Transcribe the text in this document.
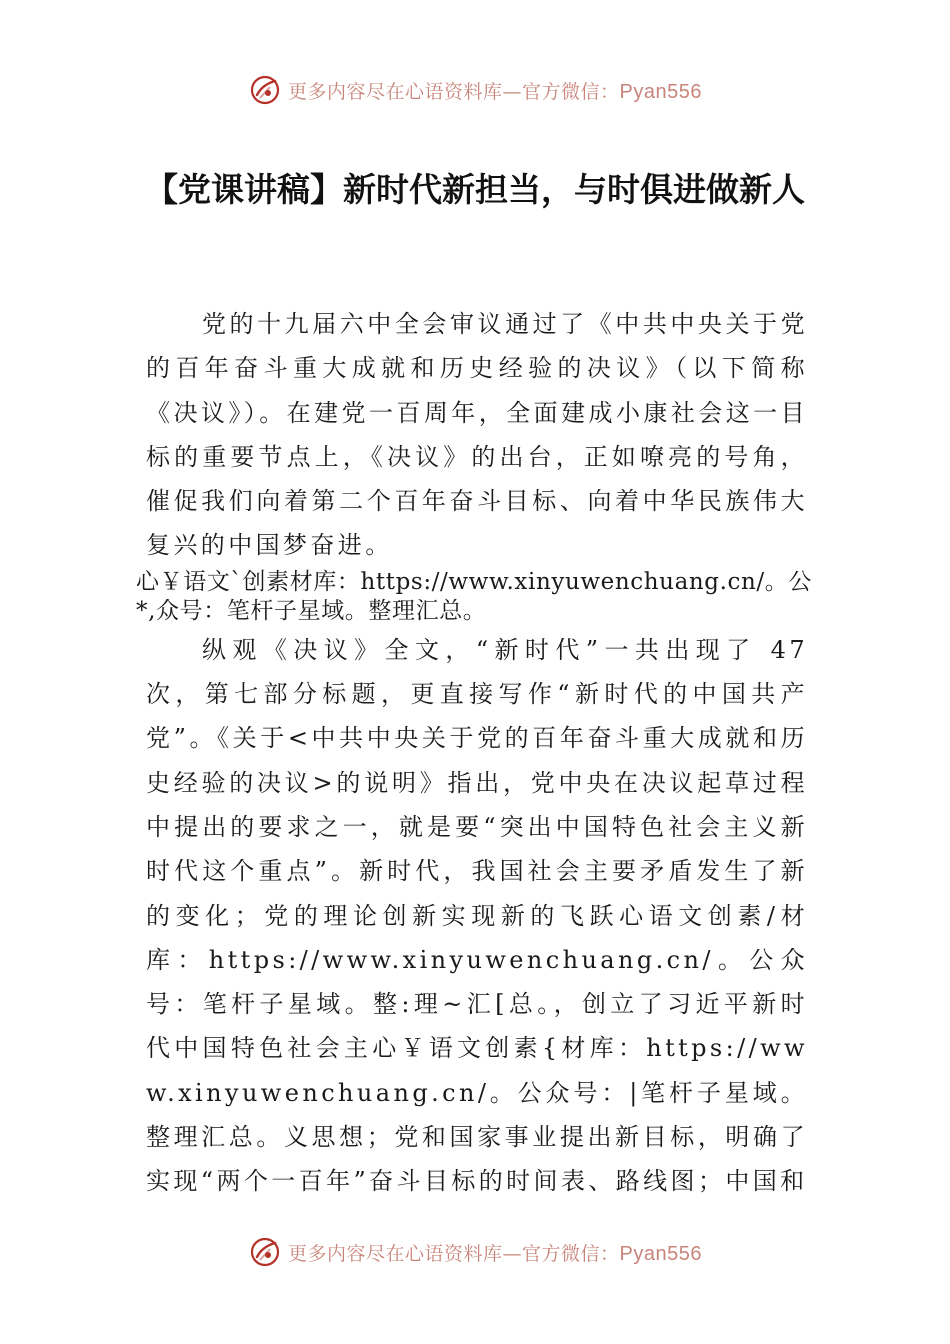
更多内容尽在心语资料库—官方微信：Pyan556
【党课讲稿】新时代新担当，与时俱进做新人

党的十九届六中全会审议通过了《中共中央关于党的百年奋斗重大成就和历史经验的决议》（以下简称《决议》）。在建党一百周年，全面建成小康社会这一目标的重要节点上，《决议》的出台，正如嘹亮的号角，催促我们向着第二个百年奋斗目标、向着中华民族伟大复兴的中国梦奋进。

心￥语文`创素材库：https://www.xinyuwenchuang.cn/。公*,众号：笔杆子星域。整理汇总。

纵观《决议》全文，“新时代”一共出现了 47 次，第七部分标题，更直接写作“新时代的中国共产党”。《关于<中共中央关于党的百年奋斗重大成就和历史经验的决议>的说明》指出，党中央在决议起草过程中提出的要求之一，就是要“突出中国特色社会主义新时代这个重点”。新时代，我国社会主要矛盾发生了新的变化；党的理论创新实现新的飞跃心语文创素/材库：https://www.xinyuwenchuang.cn/。公众号：笔杆子星域。整:理~汇[总。，创立了习近平新时代中国特色社会主心￥语文创素{材库：https://www.xinyuwenchuang.cn/。公众号：|笔杆子星域。整理汇总。义思想；党和国家事业提出新目标，明确了实现“两个一百年”奋斗目标的时间表、路线图；中国和

更多内容尽在心语资料库—官方微信：Pyan556
